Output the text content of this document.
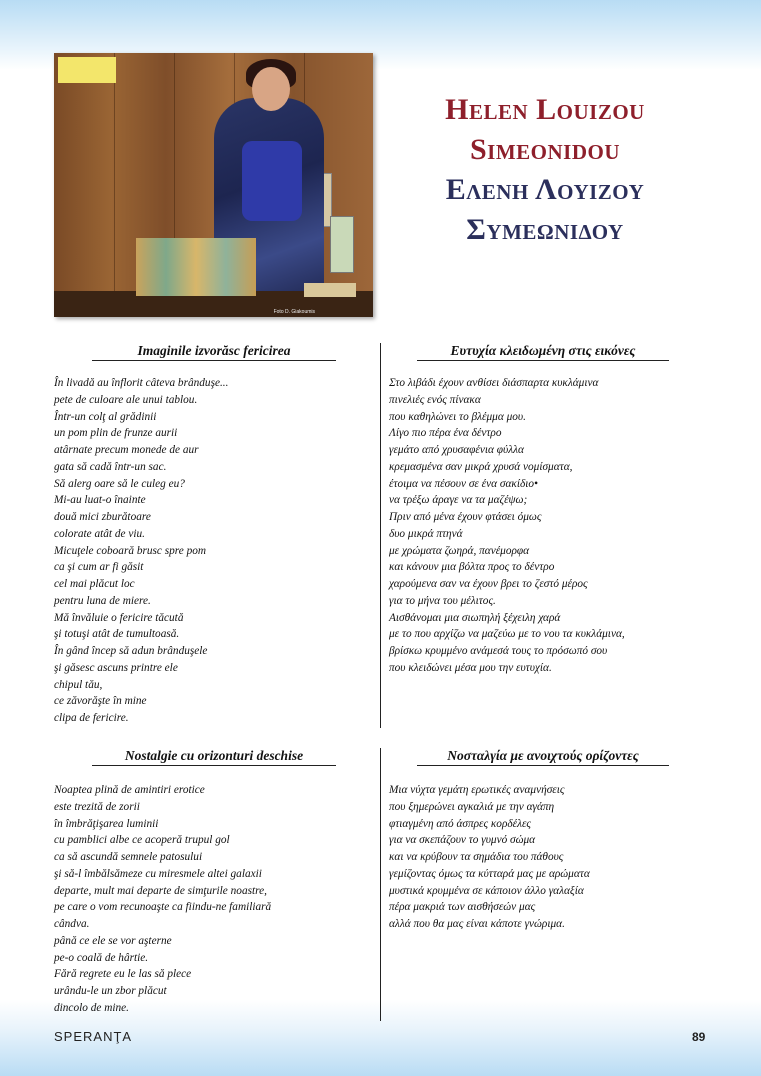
Foto D. Giakoumis
Helen Louizou
Simeonidou
Ελενη Λουιζου
Συμεωνιδου
Imaginile izvorăsc fericirea
În livadă au înflorit câteva brânduşe...
pete de culoare ale unui tablou.
Într-un colţ al grădinii
un pom plin de frunze aurii
atârnate precum monede de aur
gata să cadă într-un sac.
Să alerg oare să le culeg eu?
Mi-au luat-o înainte
două mici zburătoare
colorate atât de viu.
Micuţele coboară brusc spre pom
ca şi cum ar fi găsit
cel mai plăcut loc
pentru luna de miere.
Mă învăluie o fericire tăcută
şi totuşi atât de tumultoasă.
În gând încep să adun brânduşele
şi găsesc ascuns printre ele
chipul tău,
ce zăvorăşte în mine
clipa de fericire.
Ευτυχία κλειδωμένη στις εικόνες
Στο λιβάδι έχουν ανθίσει διάσπαρτα κυκλάμινα
πινελιές ενός πίνακα
που καθηλώνει το βλέμμα μου.
Λίγο πιο πέρα ένα δέντρο
γεμάτο από χρυσαφένια φύλλα
κρεμασμένα σαν μικρά χρυσά νομίσματα,
έτοιμα να πέσουν σε ένα σακίδιο•
να τρέξω άραγε να τα μαζέψω;
Πριν από μένα έχουν φτάσει όμως
δυο μικρά πτηνά
με χρώματα ζωηρά, πανέμορφα
και κάνουν μια βόλτα προς το δέντρο
χαρούμενα σαν να έχουν βρει το ζεστό μέρος
για το μήνα του μέλιτος.
Αισθάνομαι μια σιωπηλή ξέχειλη χαρά
με το που αρχίζω να μαζεύω με το νου τα κυκλάμινα,
βρίσκω κρυμμένο ανάμεσά τους το πρόσωπό σου
που κλειδώνει μέσα μου την ευτυχία.
Nostalgie cu orizonturi deschise
Noaptea plină de amintiri erotice
este trezită de zorii
în îmbrăţişarea luminii
cu pamblici albe ce acoperă trupul gol
ca să ascundă semnele patosului
şi să-l îmbălsămeze cu miresmele altei galaxii
departe, mult mai departe de simţurile noastre,
pe care o vom recunoaşte ca fiindu-ne familiară
cândva.
până ce ele se vor aşterne
pe-o coală de hârtie.
Fără regrete eu le las să plece
urându-le un zbor plăcut
dincolo de mine.
Νοσταλγία με ανοιχτούς ορίζοντες
Μια νύχτα γεμάτη ερωτικές αναμνήσεις
που ξημερώνει αγκαλιά με την αγάπη
φτιαγμένη από άσπρες κορδέλες
για να σκεπάζουν το γυμνό σώμα
και να κρύβουν τα σημάδια του πάθους
γεμίζοντας όμως τα κύτταρά μας με αρώματα
μυστικά κρυμμένα σε κάποιον άλλο γαλαξία
πέρα μακριά των αισθήσεών μας
αλλά που θα μας είναι κάποτε γνώριμα.
SPERANŢA	89
